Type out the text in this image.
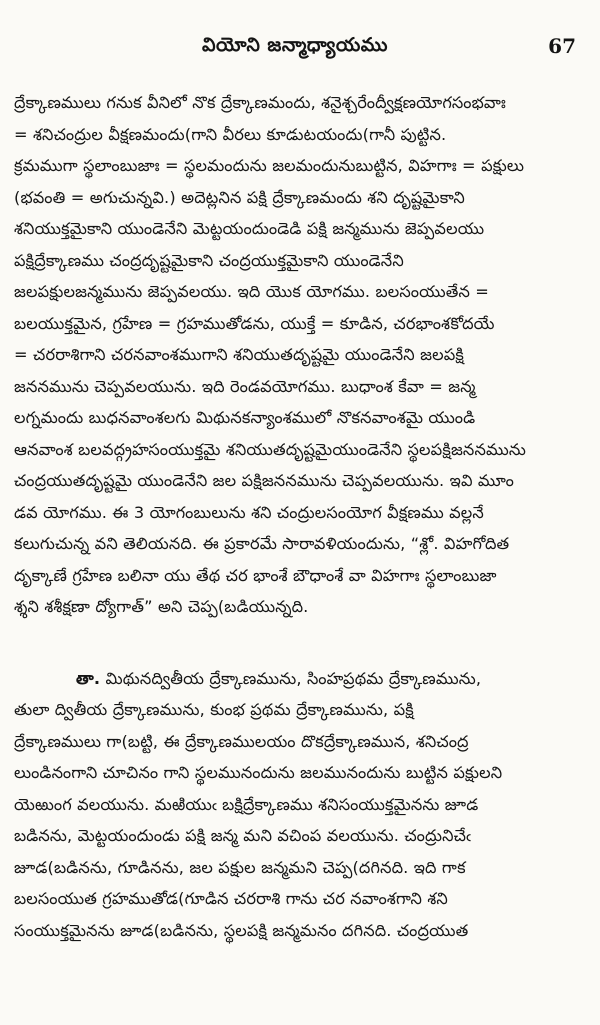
వియోని జన్మాధ్యాయము	67
ద్రేక్కాణములు గనుక వీనిలో నొక ద్రేక్కాణమందు, శనైశ్చరేంద్వీక్షణయోగసంభవాః
= శనిచంద్రుల వీక్షణమందు(గాని వీరలు కూడుటయందు(గానీ పుట్టిన.
క్రమముగా స్థలాంబుజాః = స్థలమందును జలమందునుబుట్టిన, విహగాః = పక్షులు
(భవంతి = అగుచున్నవి.) అదెట్లనిన పక్షి ద్రేక్కాణమందు శని దృష్టమైకాని
శనియుక్తమైకాని యుండెనేని మెట్టయందుండెడి పక్షి జన్మమును జెప్పవలయు
పక్షిద్రేక్కాణము చంద్రదృష్టమైకాని చంద్రయుక్తమైకాని యుండెనేని
జలపక్షులజన్మమును జెప్పవలయు. ఇది యొక యోగము. బలసంయుతేన =
బలయుక్తమైన, గ్రహేణ = గ్రహముతోడను, యుక్తే = కూడిన, చరభాంశకోదయే
= చరరాశిగాని చరనవాంశముగాని శనియుతదృష్టమై యుండెనేని జలపక్షి
జననమును చెప్పవలయును. ఇది రెండవయోగము. బుధాంశ కేవా = జన్మ
లగ్నమందు బుధనవాంశలగు మిథునకన్యాంశములో నొకనవాంశమై యుండి
ఆనవాంశ బలవద్గ్రహసంయుక్తమై శనియుతదృష్టమైయుండెనేని స్థలపక్షిజననమును
చంద్రయుతదృష్టమై యుండెనేని జల పక్షిజననమును చెప్పవలయును. ఇవి మూం
డవ యోగము. ఈ 3 యోగంబులును శని చంద్రులసంయోగ వీక్షణము వల్లనే
కలుగుచున్న వని తెలియనది. ఈ ప్రకారమే సారావళియందును, “శ్లో. విహగోదిత
దృక్కాణే గ్రహేణ బలినా యు తేథ చర భాంశే బౌధాంశే వా విహగాః స్థలాంబుజా
శ్శని శశీక్షణా ద్యోగాత్” అని చెప్ప(బడియున్నది.
తా. మిథునద్వితీయ ద్రేక్కాణమును, సింహప్రథమ ద్రేక్కాణమును,
తులా ద్వితీయ ద్రేక్కాణమును, కుంభ ప్రథమ ద్రేక్కాణమును, పక్షి
ద్రేక్కాణములు గా(బట్టి, ఈ ద్రేక్కాణములయం దొకద్రేక్కాణమున, శనిచంద్ర
లుండినంగాని చూచినం గాని స్థలమునందును జలమునందును బుట్టిన పక్షులని
యెఱుంగ వలయును. మఱియుఁ బక్షిద్రేక్కాణము శనిసంయుక్తమైనను జూడ
బడినను, మెట్టయందుండు పక్షి జన్మ మని వచింప వలయును. చంద్రునిచేఁ
జూడ(బడినను, గూడినను, జల పక్షుల జన్మమని చెప్ప(దగినది. ఇది గాక
బలసంయుత గ్రహముతోడ(గూడిన చరరాశి గాను చర నవాంశగాని శని
సంయుక్తమైనను జూడ(బడినను, స్థలపక్షి జన్మమనం దగినది. చంద్రయుత
